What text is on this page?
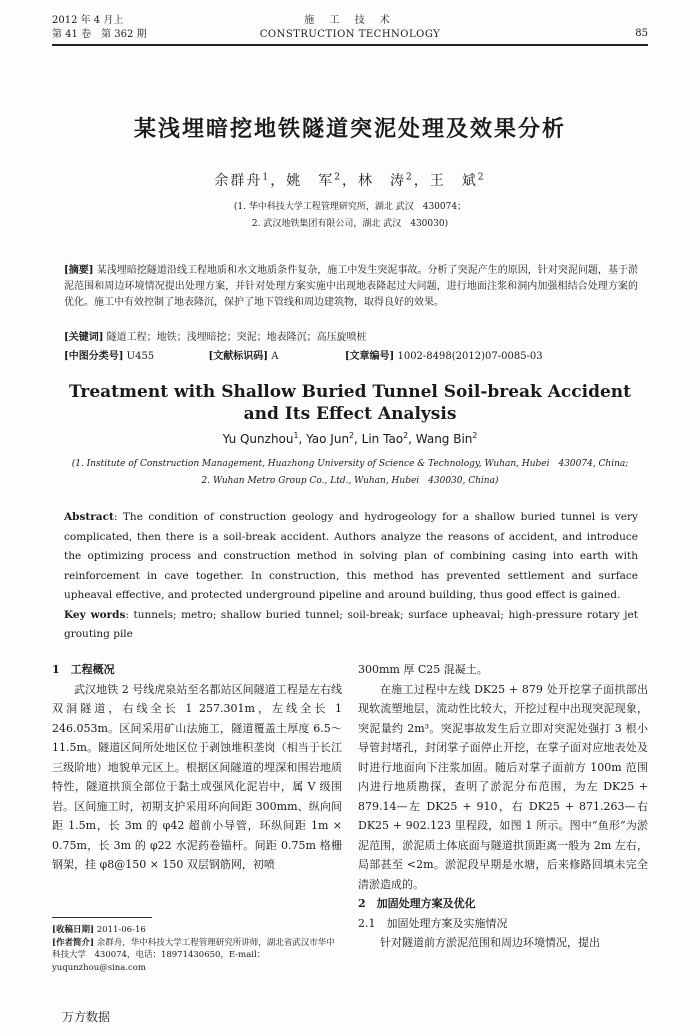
2012 年 4 月上
第 41 卷　第 362 期
施 工 技 术
CONSTRUCTION TECHNOLOGY	85
某浅埋暗挖地铁隧道突泥处理及效果分析
余群舟$^1$，姚　军$^2$，林　涛$^2$，王　斌$^2$
(1. 华中科技大学工程管理研究所，湖北 武汉　430074；
2. 武汉地铁集团有限公司，湖北 武汉　430030)
[摘要] 某浅埋暗挖隧道沿线工程地质和水文地质条件复杂，施工中发生突泥事故。分析了突泥产生的原因，针对突泥问题，基于淤泥范围和周边环境情况提出处理方案，并针对处理方案实施中出现地表隆起过大问题，进行地面注浆和洞内加强相结合处理方案的优化。施工中有效控制了地表隆沉，保护了地下管线和周边建筑物，取得良好的效果。
[关键词] 隧道工程；地铁；浅埋暗挖；突泥；地表隆沉；高压旋喷桩
[中图分类号] U455	[文献标识码] A	[文章编号] 1002-8498(2012)07-0085-03
Treatment with Shallow Buried Tunnel Soil-break Accident
and Its Effect Analysis
Yu Qunzhou$^1$, Yao Jun$^2$, Lin Tao$^2$, Wang Bin$^2$
(1. Institute of Construction Management, Huazhong University of Science & Technology, Wuhan, Hubei　430074, China;
2. Wuhan Metro Group Co., Ltd., Wuhan, Hubei　430030, China)
Abstract: The condition of construction geology and hydrogeology for a shallow buried tunnel is very complicated, then there is a soil-break accident. Authors analyze the reasons of accident, and introduce the optimizing process and construction method in solving plan of combining casing into earth with reinforcement in cave together. In construction, this method has prevented settlement and surface upheaval effective, and protected underground pipeline and around building, thus good effect is gained.
Key words: tunnels; metro; shallow buried tunnel; soil-break; surface upheaval; high-pressure rotary jet grouting pile

1　工程概况

武汉地铁 2 号线虎泉站至名都站区间隧道工程是左右线双洞隧道，右线全长 1 257.301m，左线全长 1 246.053m。区间采用矿山法施工，隧道覆盖土厚度 6.5～11.5m。隧道区间所处地区位于剥蚀堆积垄岗（相当于长江三级阶地）地貌单元区上。根据区间隧道的埋深和围岩地质特性，隧道拱顶全部位于黏土或强风化泥岩中，属 V 级围岩。区间施工时，初期支护采用环向间距 300mm、纵向间距 1.5m，长 3m 的 φ42 超前小导管，环纵间距 1m × 0.75m，长 3m 的 φ22 水泥药卷锚杆。间距 0.75m 格栅钢架，挂 φ8@150 × 150 双层钢筋网，初喷

300mm 厚 C25 混凝土。

在施工过程中左线 DK25 + 879 处开挖掌子面拱部出现软流塑地层，流动性比较大，开挖过程中出现突泥现象，突泥量约 2m³。突泥事故发生后立即对突泥处强打 3 根小导管封堵孔，封闭掌子面停止开挖，在掌子面对应地表处及时进行地面向下注浆加固。随后对掌子面前方 100m 范围内进行地质勘探，查明了淤泥分布范围，为左 DK25 + 879.14—左 DK25 + 910，右 DK25 + 871.263—右 DK25 + 902.123 里程段，如图 1 所示。图中“鱼形”为淤泥范围，淤泥质土体底面与隧道拱顶距离一般为 2m 左右，局部甚至 <2m。淤泥段早期是水塘，后来修路回填未完全清淤造成的。

2　加固处理方案及优化

2.1　加固处理方案及实施情况

针对隧道前方淤泥范围和周边环境情况，提出

[收稿日期] 2011-06-16
[作者简介] 余群舟，华中科技大学工程管理研究所讲师，湖北省武汉市华中科技大学　430074，电话：18971430650，E-mail：yuqunzhou@sina.com
万方数据
